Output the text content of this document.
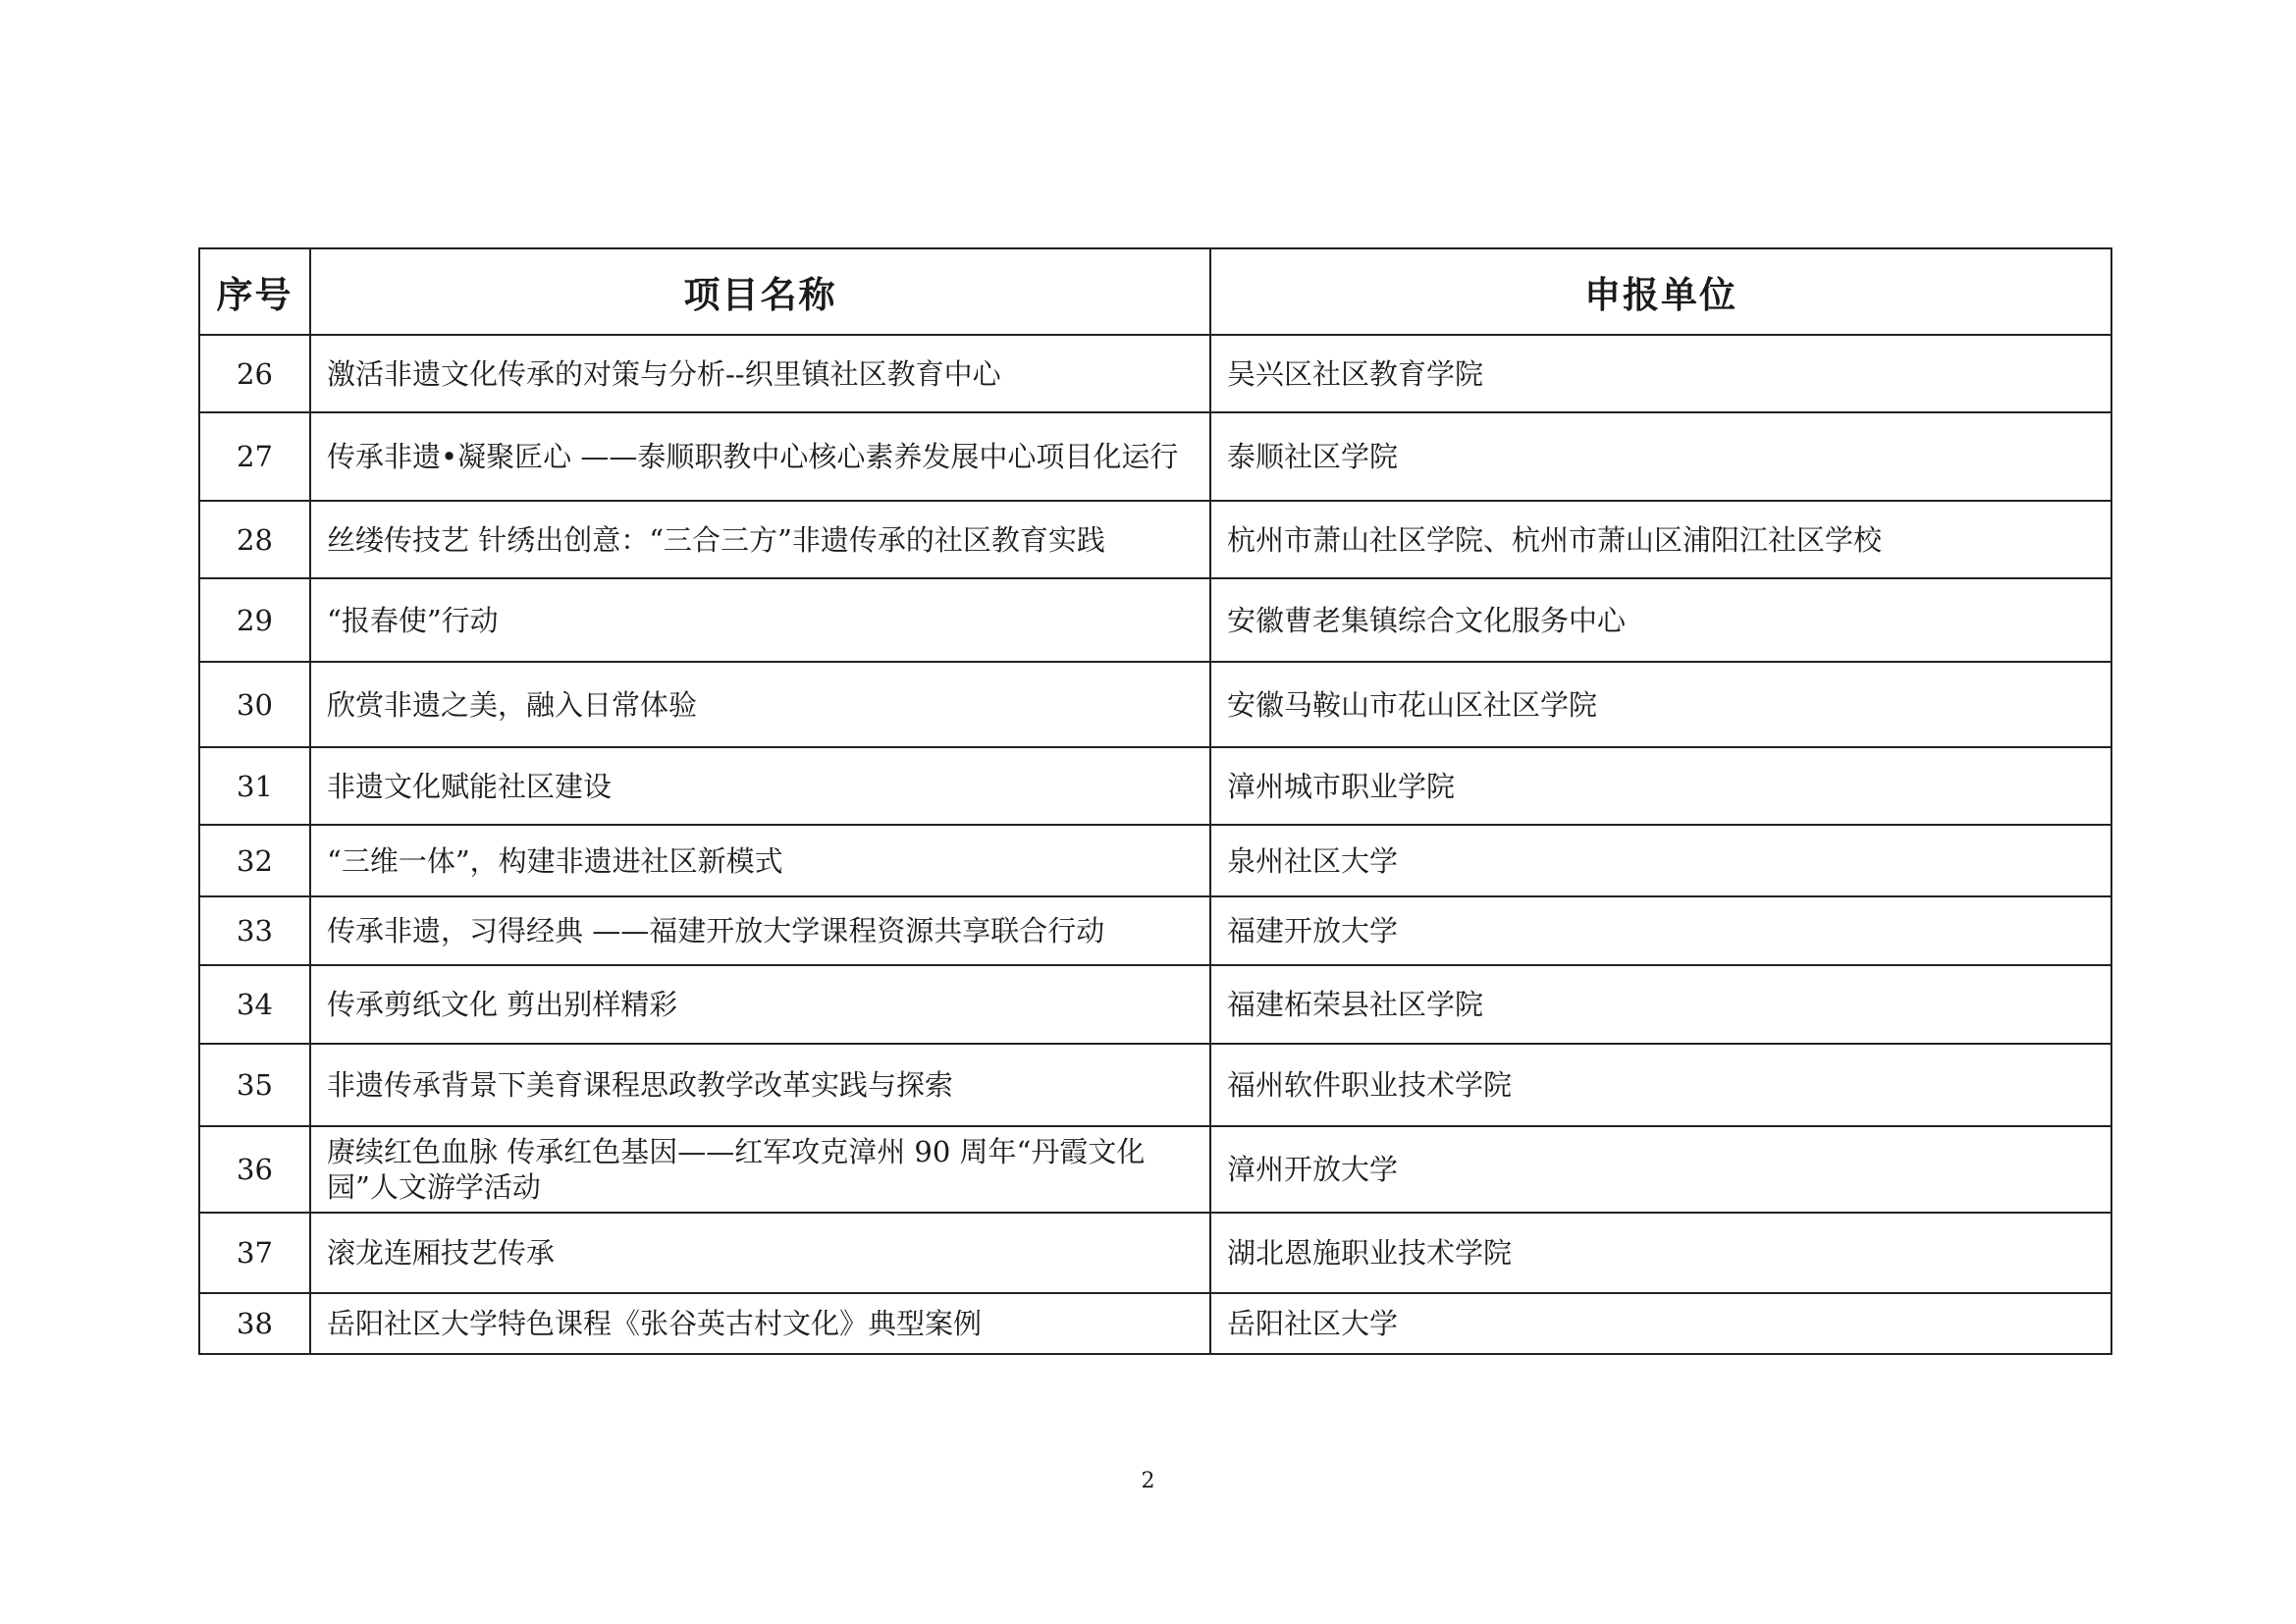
序号	项目名称	申报单位
26	激活非遗文化传承的对策与分析--织里镇社区教育中心	吴兴区社区教育学院
27	传承非遗•凝聚匠心 ——泰顺职教中心核心素养发展中心项目化运行	泰顺社区学院
28	丝缕传技艺 针绣出创意：“三合三方”非遗传承的社区教育实践	杭州市萧山社区学院、杭州市萧山区浦阳江社区学校
29	“报春使”行动	安徽曹老集镇综合文化服务中心
30	欣赏非遗之美，融入日常体验	安徽马鞍山市花山区社区学院
31	非遗文化赋能社区建设	漳州城市职业学院
32	“三维一体”，构建非遗进社区新模式	泉州社区大学
33	传承非遗，习得经典 ——福建开放大学课程资源共享联合行动	福建开放大学
34	传承剪纸文化 剪出别样精彩	福建柘荣县社区学院
35	非遗传承背景下美育课程思政教学改革实践与探索	福州软件职业技术学院
36	赓续红色血脉 传承红色基因——红军攻克漳州 90 周年“丹霞文化园”人文游学活动	漳州开放大学
37	滚龙连厢技艺传承	湖北恩施职业技术学院
38	岳阳社区大学特色课程《张谷英古村文化》典型案例	岳阳社区大学
2
